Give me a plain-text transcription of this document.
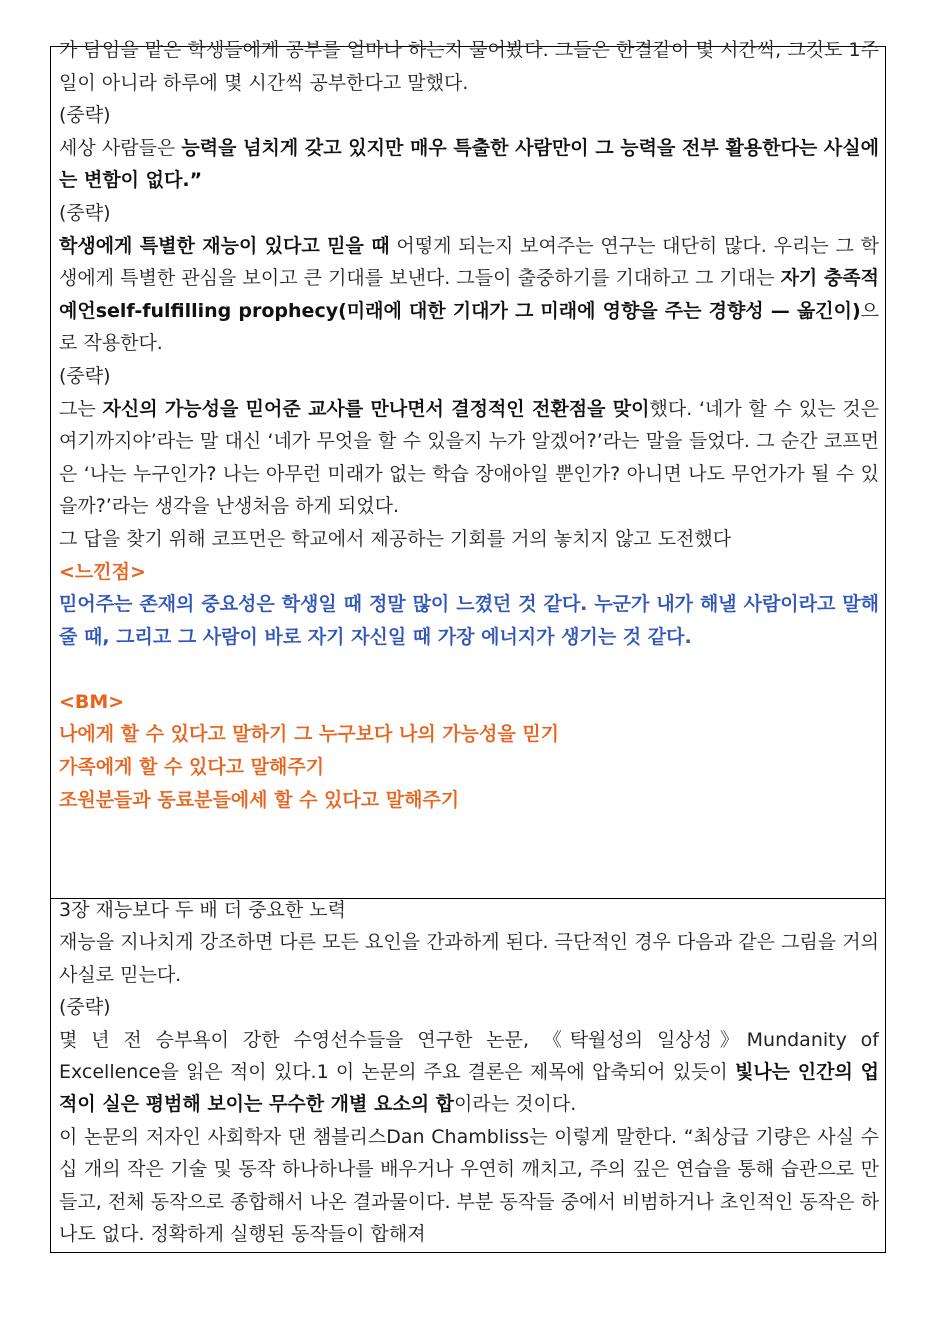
가 담임을 맡은 학생들에게 공부를 얼마나 하는지 물어봤다. 그들은 한결같이 몇 시간씩, 그것도 1주일이 아니라 하루에 몇 시간씩 공부한다고 말했다.

(중략)

세상 사람들은 능력을 넘치게 갖고 있지만 매우 특출한 사람만이 그 능력을 전부 활용한다는 사실에는 변함이 없다.”

(중략)

학생에게 특별한 재능이 있다고 믿을 때 어떻게 되는지 보여주는 연구는 대단히 많다. 우리는 그 학생에게 특별한 관심을 보이고 큰 기대를 보낸다. 그들이 출중하기를 기대하고 그 기대는 자기 충족적 예언self-fulfilling prophecy(미래에 대한 기대가 그 미래에 영향을 주는 경향성 — 옮긴이)으로 작용한다.

(중략)

그는 자신의 가능성을 믿어준 교사를 만나면서 결정적인 전환점을 맞이했다. ‘네가 할 수 있는 것은 여기까지야’라는 말 대신 ‘네가 무엇을 할 수 있을지 누가 알겠어?’라는 말을 들었다. 그 순간 코프먼은 ‘나는 누구인가? 나는 아무런 미래가 없는 학습 장애아일 뿐인가? 아니면 나도 무언가가 될 수 있을까?’라는 생각을 난생처음 하게 되었다.

그 답을 찾기 위해 코프먼은 학교에서 제공하는 기회를 거의 놓치지 않고 도전했다

<느낀점>

믿어주는 존재의 중요성은 학생일 때 정말 많이 느꼈던 것 같다. 누군가 내가 해낼 사람이라고 말해 줄 때, 그리고 그 사람이 바로 자기 자신일 때 가장 에너지가 생기는 것 같다.

<BM>

나에게 할 수 있다고 말하기 그 누구보다 나의 가능성을 믿기

가족에게 할 수 있다고 말해주기

조원분들과 동료분들에세 할 수 있다고 말해주기

3장 재능보다 두 배 더 중요한 노력

재능을 지나치게 강조하면 다른 모든 요인을 간과하게 된다. 극단적인 경우 다음과 같은 그림을 거의 사실로 믿는다.

(중략)

몇 년 전 승부욕이 강한 수영선수들을 연구한 논문, 《탁월성의 일상성》Mundanity of Excellence을 읽은 적이 있다.1 이 논문의 주요 결론은 제목에 압축되어 있듯이 빛나는 인간의 업적이 실은 평범해 보이는 무수한 개별 요소의 합이라는 것이다.

이 논문의 저자인 사회학자 댄 챔블리스Dan Chambliss는 이렇게 말한다. “최상급 기량은 사실 수십 개의 작은 기술 및 동작 하나하나를 배우거나 우연히 깨치고, 주의 깊은 연습을 통해 습관으로 만들고, 전체 동작으로 종합해서 나온 결과물이다. 부분 동작들 중에서 비범하거나 초인적인 동작은 하나도 없다. 정확하게 실행된 동작들이 합해져
